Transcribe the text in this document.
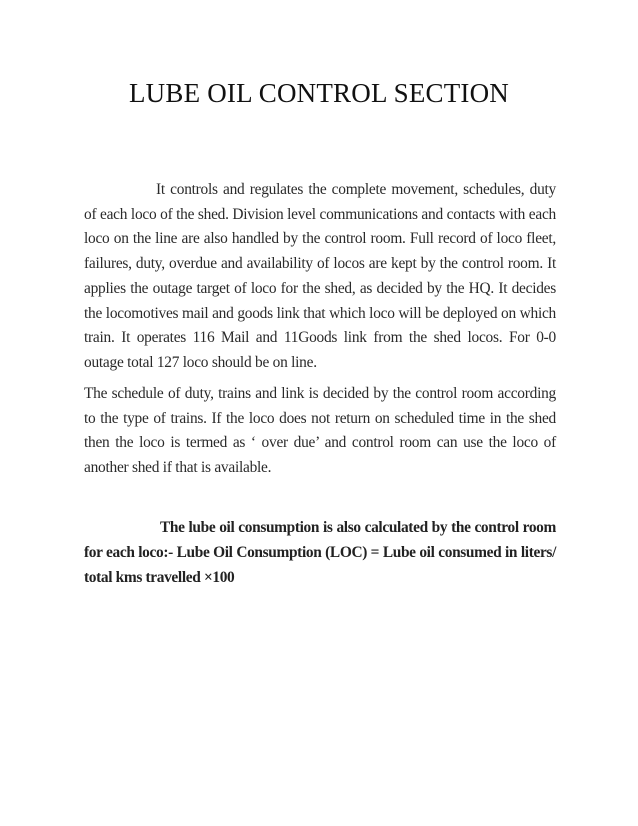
LUBE OIL CONTROL SECTION

It controls and regulates the complete movement, schedules, duty of each loco of the shed. Division level communications and contacts with each loco on the line are also handled by the control room. Full record of loco fleet, failures, duty, overdue and availability of locos are kept by the control room. It applies the outage target of loco for the shed, as decided by the HQ. It decides the locomotives mail and goods link that which loco will be deployed on which train. It operates 116 Mail and 11Goods link from the shed locos. For 0-0 outage total 127 loco should be on line.

The schedule of duty, trains and link is decided by the control room according to the type of trains. If the loco does not return on scheduled time in the shed then the loco is termed as ‘ over due’ and control room can use the loco of another shed if that is available.

The lube oil consumption is also calculated by the control room for each loco:- Lube Oil Consumption (LOC) = Lube oil consumed in liters/ total kms travelled ×100
